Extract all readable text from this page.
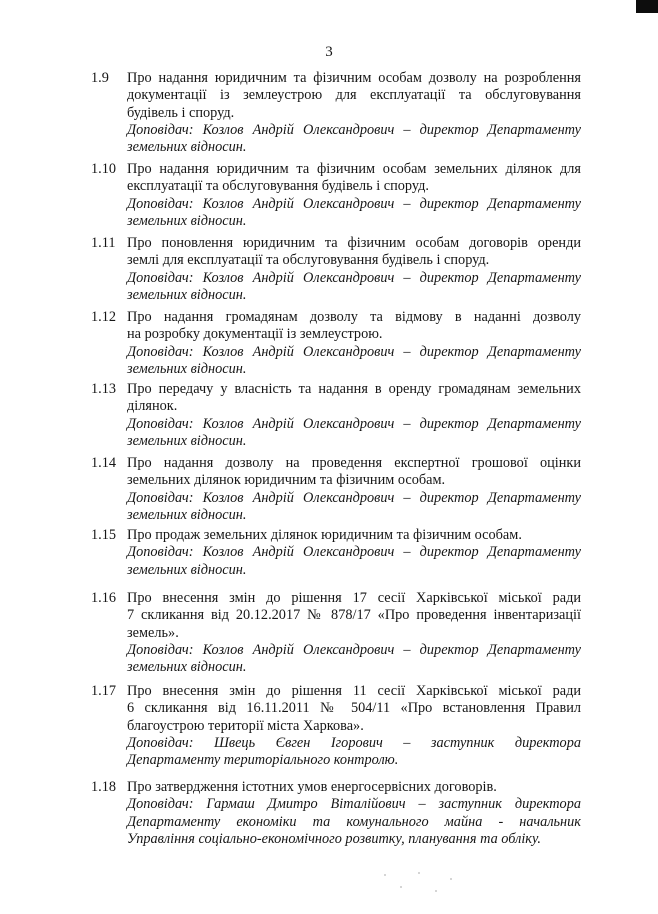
3
1.9	Про надання юридичним та фізичним особам дозволу на розроблення
документації із землеустрою для експлуатації та обслуговування
будівель і споруд.
Доповідач: Козлов Андрій Олександрович – директор Департаменту
земельних відносин.
1.10 Про надання юридичним та фізичним особам земельних ділянок для
експлуатації та обслуговування будівель і споруд.
Доповідач: Козлов Андрій Олександрович – директор Департаменту
земельних відносин.
1.11 Про поновлення юридичним та фізичним особам договорів оренди
землі для експлуатації та обслуговування будівель і споруд.
Доповідач: Козлов Андрій Олександрович – директор Департаменту
земельних відносин.
1.12 Про надання громадянам дозволу та відмову в наданні дозволу
на розробку документації із землеустрою.
Доповідач: Козлов Андрій Олександрович – директор Департаменту
земельних відносин.
1.13 Про передачу у власність та надання в оренду громадянам земельних
ділянок.
Доповідач: Козлов Андрій Олександрович – директор Департаменту
земельних відносин.
1.14 Про надання дозволу на проведення експертної грошової оцінки
земельних ділянок юридичним та фізичним особам.
Доповідач: Козлов Андрій Олександрович – директор Департаменту
земельних відносин.
1.15 Про продаж земельних ділянок юридичним та фізичним особам.
Доповідач: Козлов Андрій Олександрович – директор Департаменту
земельних відносин.
1.16 Про внесення змін до рішення 17 сесії Харківської міської ради
7 скликання від 20.12.2017 № 878/17 «Про проведення інвентаризації
земель».
Доповідач: Козлов Андрій Олександрович – директор Департаменту
земельних відносин.
1.17 Про внесення змін до рішення 11 сесії Харківської міської ради
6 скликання від 16.11.2011 № 504/11 «Про встановлення Правил
благоустрою території міста Харкова».
Доповідач: Швець Євген Ігорович – заступник директора
Департаменту територіального контролю.
1.18 Про затвердження істотних умов енергосервісних договорів.
Доповідач: Гармаш Дмитро Віталійович – заступник директора
Департаменту економіки та комунального майна - начальник
Управління соціально-економічного розвитку, планування та обліку.
